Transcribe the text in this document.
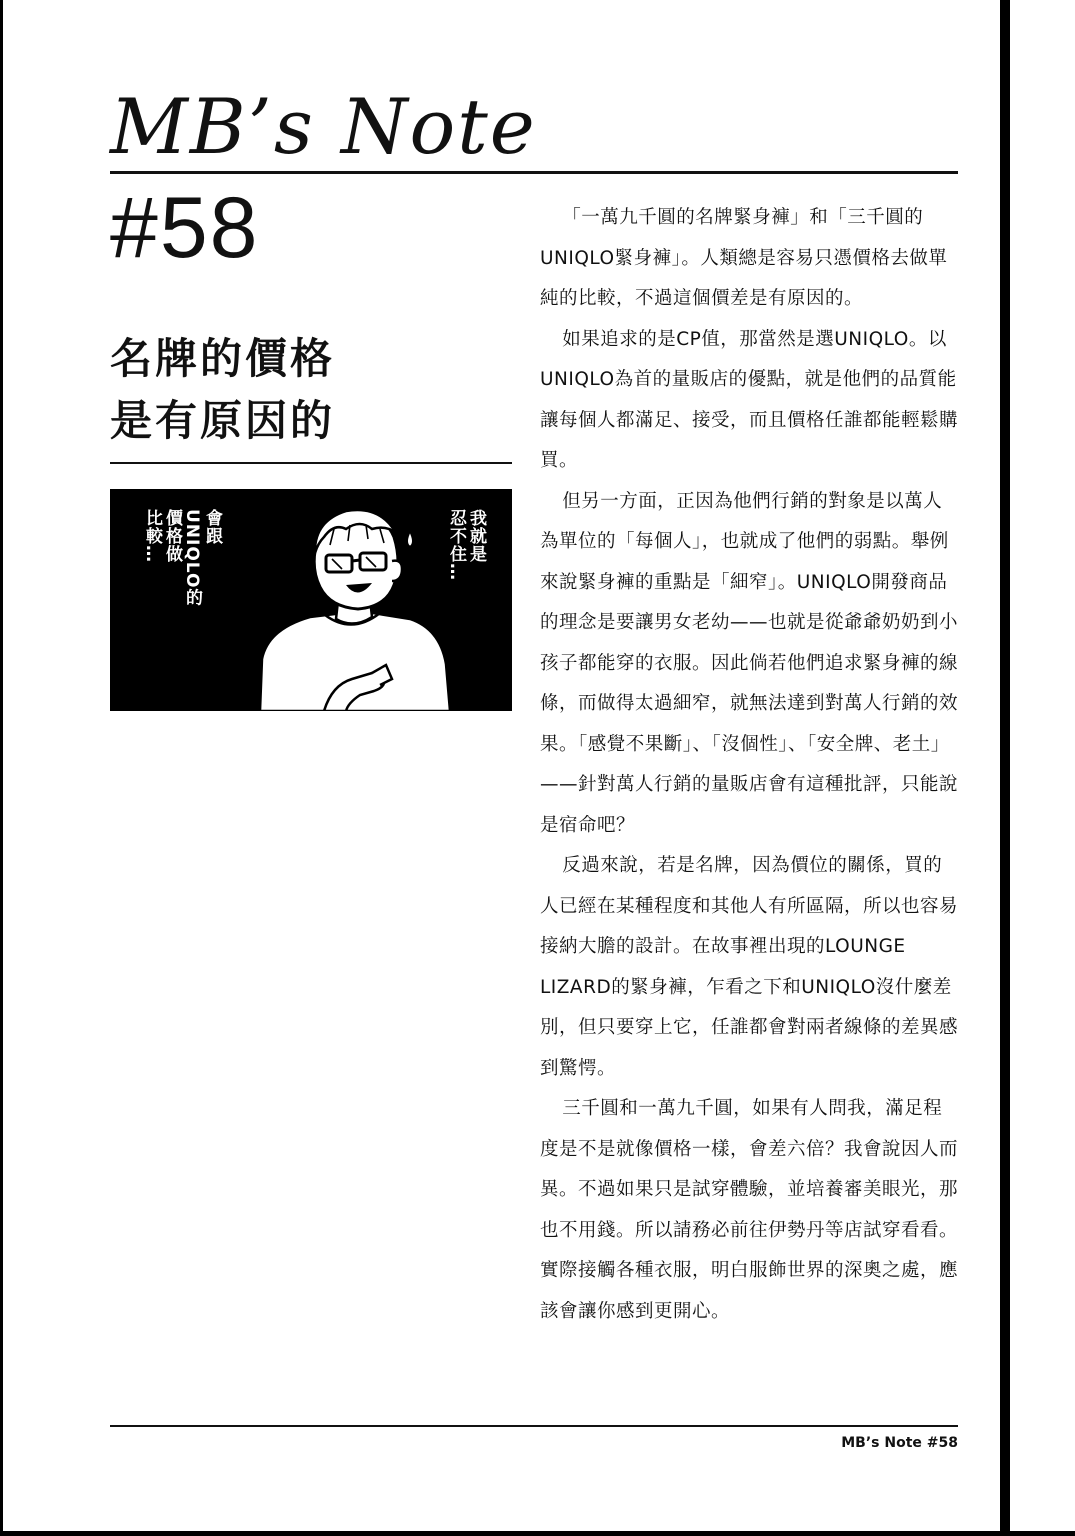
MB’s Note
#58
名牌的價格
是有原因的
我就是
忍不住…
會跟
UNIQLO的
價格做
比較…

「一萬九千圓的名牌緊身褲」和「三千圓的UNIQLO緊身褲」。人類總是容易只憑價格去做單純的比較，不過這個價差是有原因的。

如果追求的是CP值，那當然是選UNIQLO。以UNIQLO為首的量販店的優點，就是他們的品質能讓每個人都滿足、接受，而且價格任誰都能輕鬆購買。

但另一方面，正因為他們行銷的對象是以萬人為單位的「每個人」，也就成了他們的弱點。舉例來說緊身褲的重點是「細窄」。UNIQLO開發商品的理念是要讓男女老幼——也就是從爺爺奶奶到小孩子都能穿的衣服。因此倘若他們追求緊身褲的線條，而做得太過細窄，就無法達到對萬人行銷的效果。「感覺不果斷」、「沒個性」、「安全牌、老土」——針對萬人行銷的量販店會有這種批評，只能說是宿命吧？

反過來說，若是名牌，因為價位的關係，買的人已經在某種程度和其他人有所區隔，所以也容易接納大膽的設計。在故事裡出現的LOUNGE LIZARD的緊身褲，乍看之下和UNIQLO沒什麼差別，但只要穿上它，任誰都會對兩者線條的差異感到驚愕。

三千圓和一萬九千圓，如果有人問我，滿足程度是不是就像價格一樣，會差六倍？我會說因人而異。不過如果只是試穿體驗，並培養審美眼光，那也不用錢。所以請務必前往伊勢丹等店試穿看看。實際接觸各種衣服，明白服飾世界的深奧之處，應該會讓你感到更開心。

MB’s Note #58
